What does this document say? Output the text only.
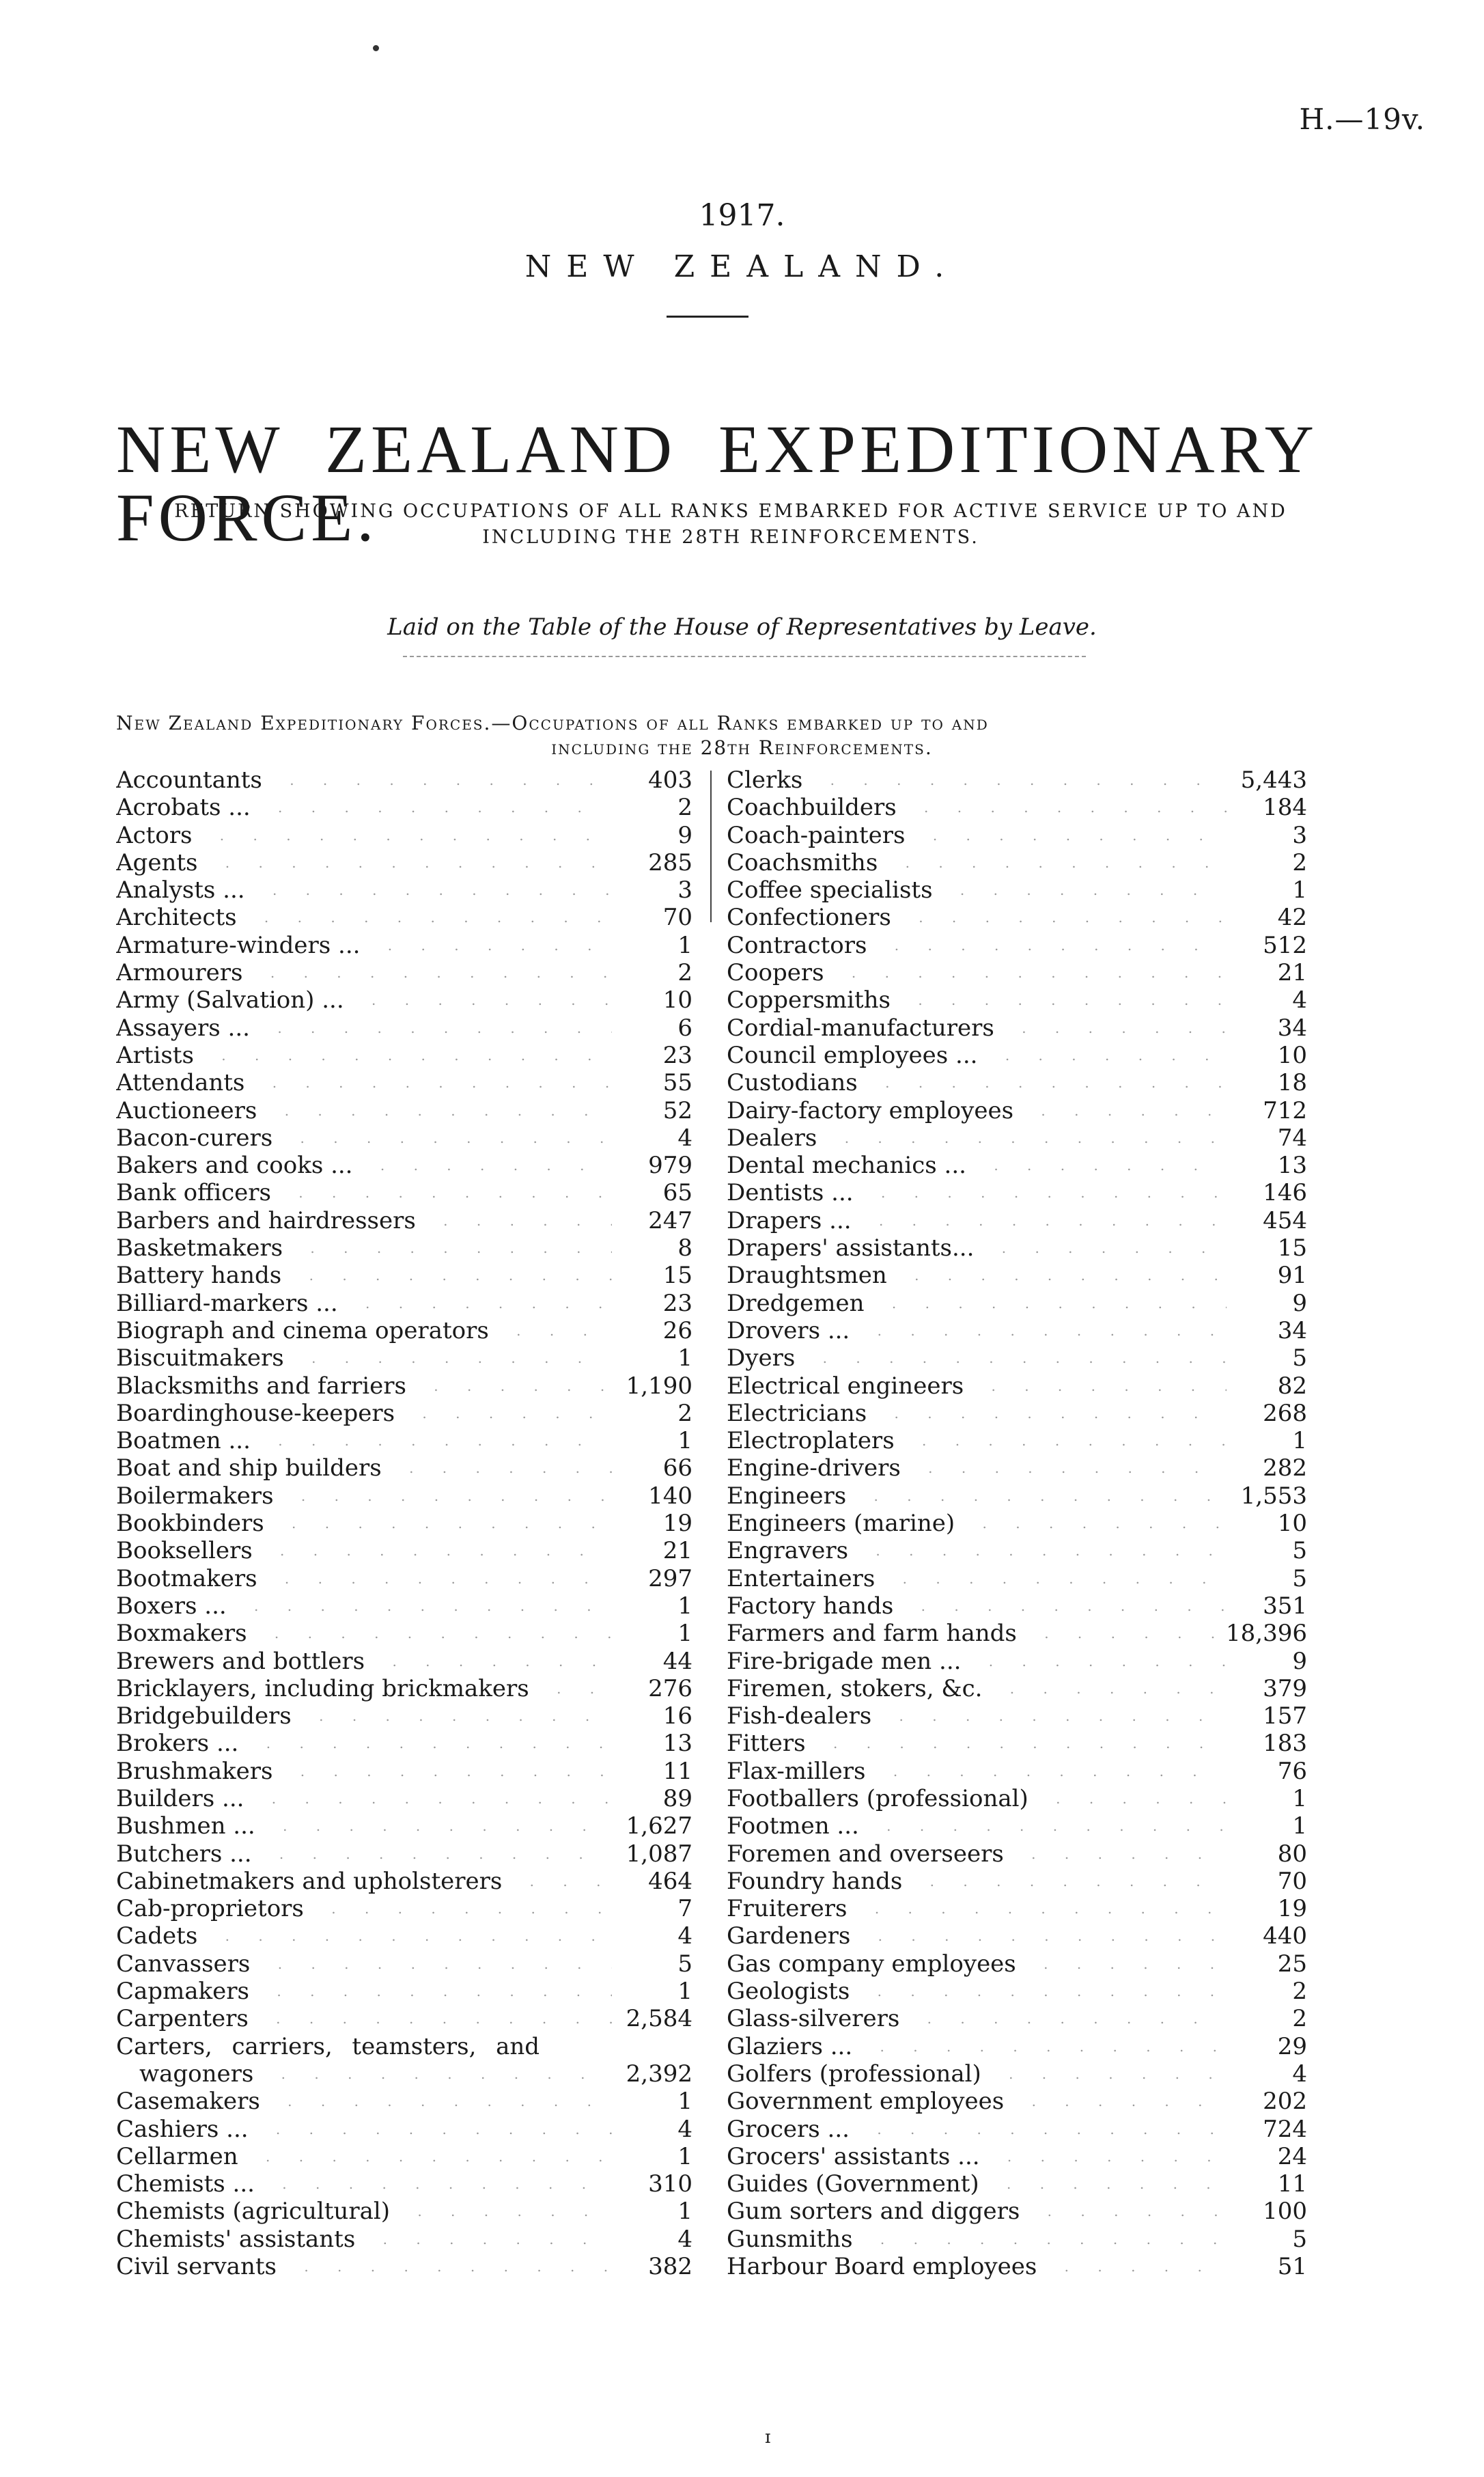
H.—19v.
1917.
NEW ZEALAND.
NEW ZEALAND EXPEDITIONARY FORCE.
RETURN SHOWING OCCUPATIONS OF ALL RANKS EMBARKED FOR ACTIVE SERVICE UP TO AND INCLUDING THE 28TH REINFORCEMENTS.
Laid on the Table of the House of Representatives by Leave.
New Zealand Expeditionary Forces.—Occupations of all Ranks embarked up to and
including the 28th Reinforcements.
Accountants . . .	403
Acrobats ... . . .	2
Actors . . .	9
Agents . . .	285
Analysts ... . . .	3
Architects . . .	70
Armature-winders ... . . .	1
Armourers . . .	2
Army (Salvation) ... . . .	10
Assayers ... . . .	6
Artists . . .	23
Attendants . . .	55
Auctioneers . . .	52
Bacon-curers . . .	4
Bakers and cooks ... . . .	979
Bank officers . . .	65
Barbers and hairdressers . . .	247
Basketmakers . . .	8
Battery hands . . .	15
Billiard-markers ... . . .	23
Biograph and cinema operators . . .	26
Biscuitmakers . . .	1
Blacksmiths and farriers . . .	1,190
Boardinghouse-keepers . . .	2
Boatmen ... . . .	1
Boat and ship builders . . .	66
Boilermakers . . .	140
Bookbinders . . .	19
Booksellers . . .	21
Bootmakers . . .	297
Boxers ... . . .	1
Boxmakers . . .	1
Brewers and bottlers . . .	44
Bricklayers, including brickmakers . . .	276
Bridgebuilders . . .	16
Brokers ... . . .	13
Brushmakers . . .	11
Builders ... . . .	89
Bushmen ... . . .	1,627
Butchers ... . . .	1,087
Cabinetmakers and upholsterers . . .	464
Cab-proprietors . . .	7
Cadets . . .	4
Canvassers . . .	5
Capmakers . . .	1
Carpenters . . .	2,584
Carters, carriers, teamsters, and
wagoners . . .	2,392
Casemakers . . .	1
Cashiers ... . . .	4
Cellarmen . . .	1
Chemists ... . . .	310
Chemists (agricultural) . . .	1
Chemists' assistants . . .	4
Civil servants . . .	382
Clerks . . .	5,443
Coachbuilders . . .	184
Coach-painters . . .	3
Coachsmiths . . .	2
Coffee specialists . . .	1
Confectioners . . .	42
Contractors . . .	512
Coopers . . .	21
Coppersmiths . . .	4
Cordial-manufacturers . . .	34
Council employees ... . . .	10
Custodians . . .	18
Dairy-factory employees . . .	712
Dealers . . .	74
Dental mechanics ... . . .	13
Dentists ... . . .	146
Drapers ... . . .	454
Drapers' assistants... . . .	15
Draughtsmen . . .	91
Dredgemen . . .	9
Drovers ... . . .	34
Dyers . . .	5
Electrical engineers . . .	82
Electricians . . .	268
Electroplaters . . .	1
Engine-drivers . . .	282
Engineers . . .	1,553
Engineers (marine) . . .	10
Engravers . . .	5
Entertainers . . .	5
Factory hands . . .	351
Farmers and farm hands . . .	18,396
Fire-brigade men ... . . .	9
Firemen, stokers, &c. . . .	379
Fish-dealers . . .	157
Fitters . . .	183
Flax-millers . . .	76
Footballers (professional) . . .	1
Footmen ... . . .	1
Foremen and overseers . . .	80
Foundry hands . . .	70
Fruiterers . . .	19
Gardeners . . .	440
Gas company employees . . .	25
Geologists . . .	2
Glass-silverers . . .	2
Glaziers ... . . .	29
Golfers (professional) . . .	4
Government employees . . .	202
Grocers ... . . .	724
Grocers' assistants ... . . .	24
Guides (Government) . . .	11
Gum sorters and diggers . . .	100
Gunsmiths . . .	5
Harbour Board employees . . .	51
ɪ
